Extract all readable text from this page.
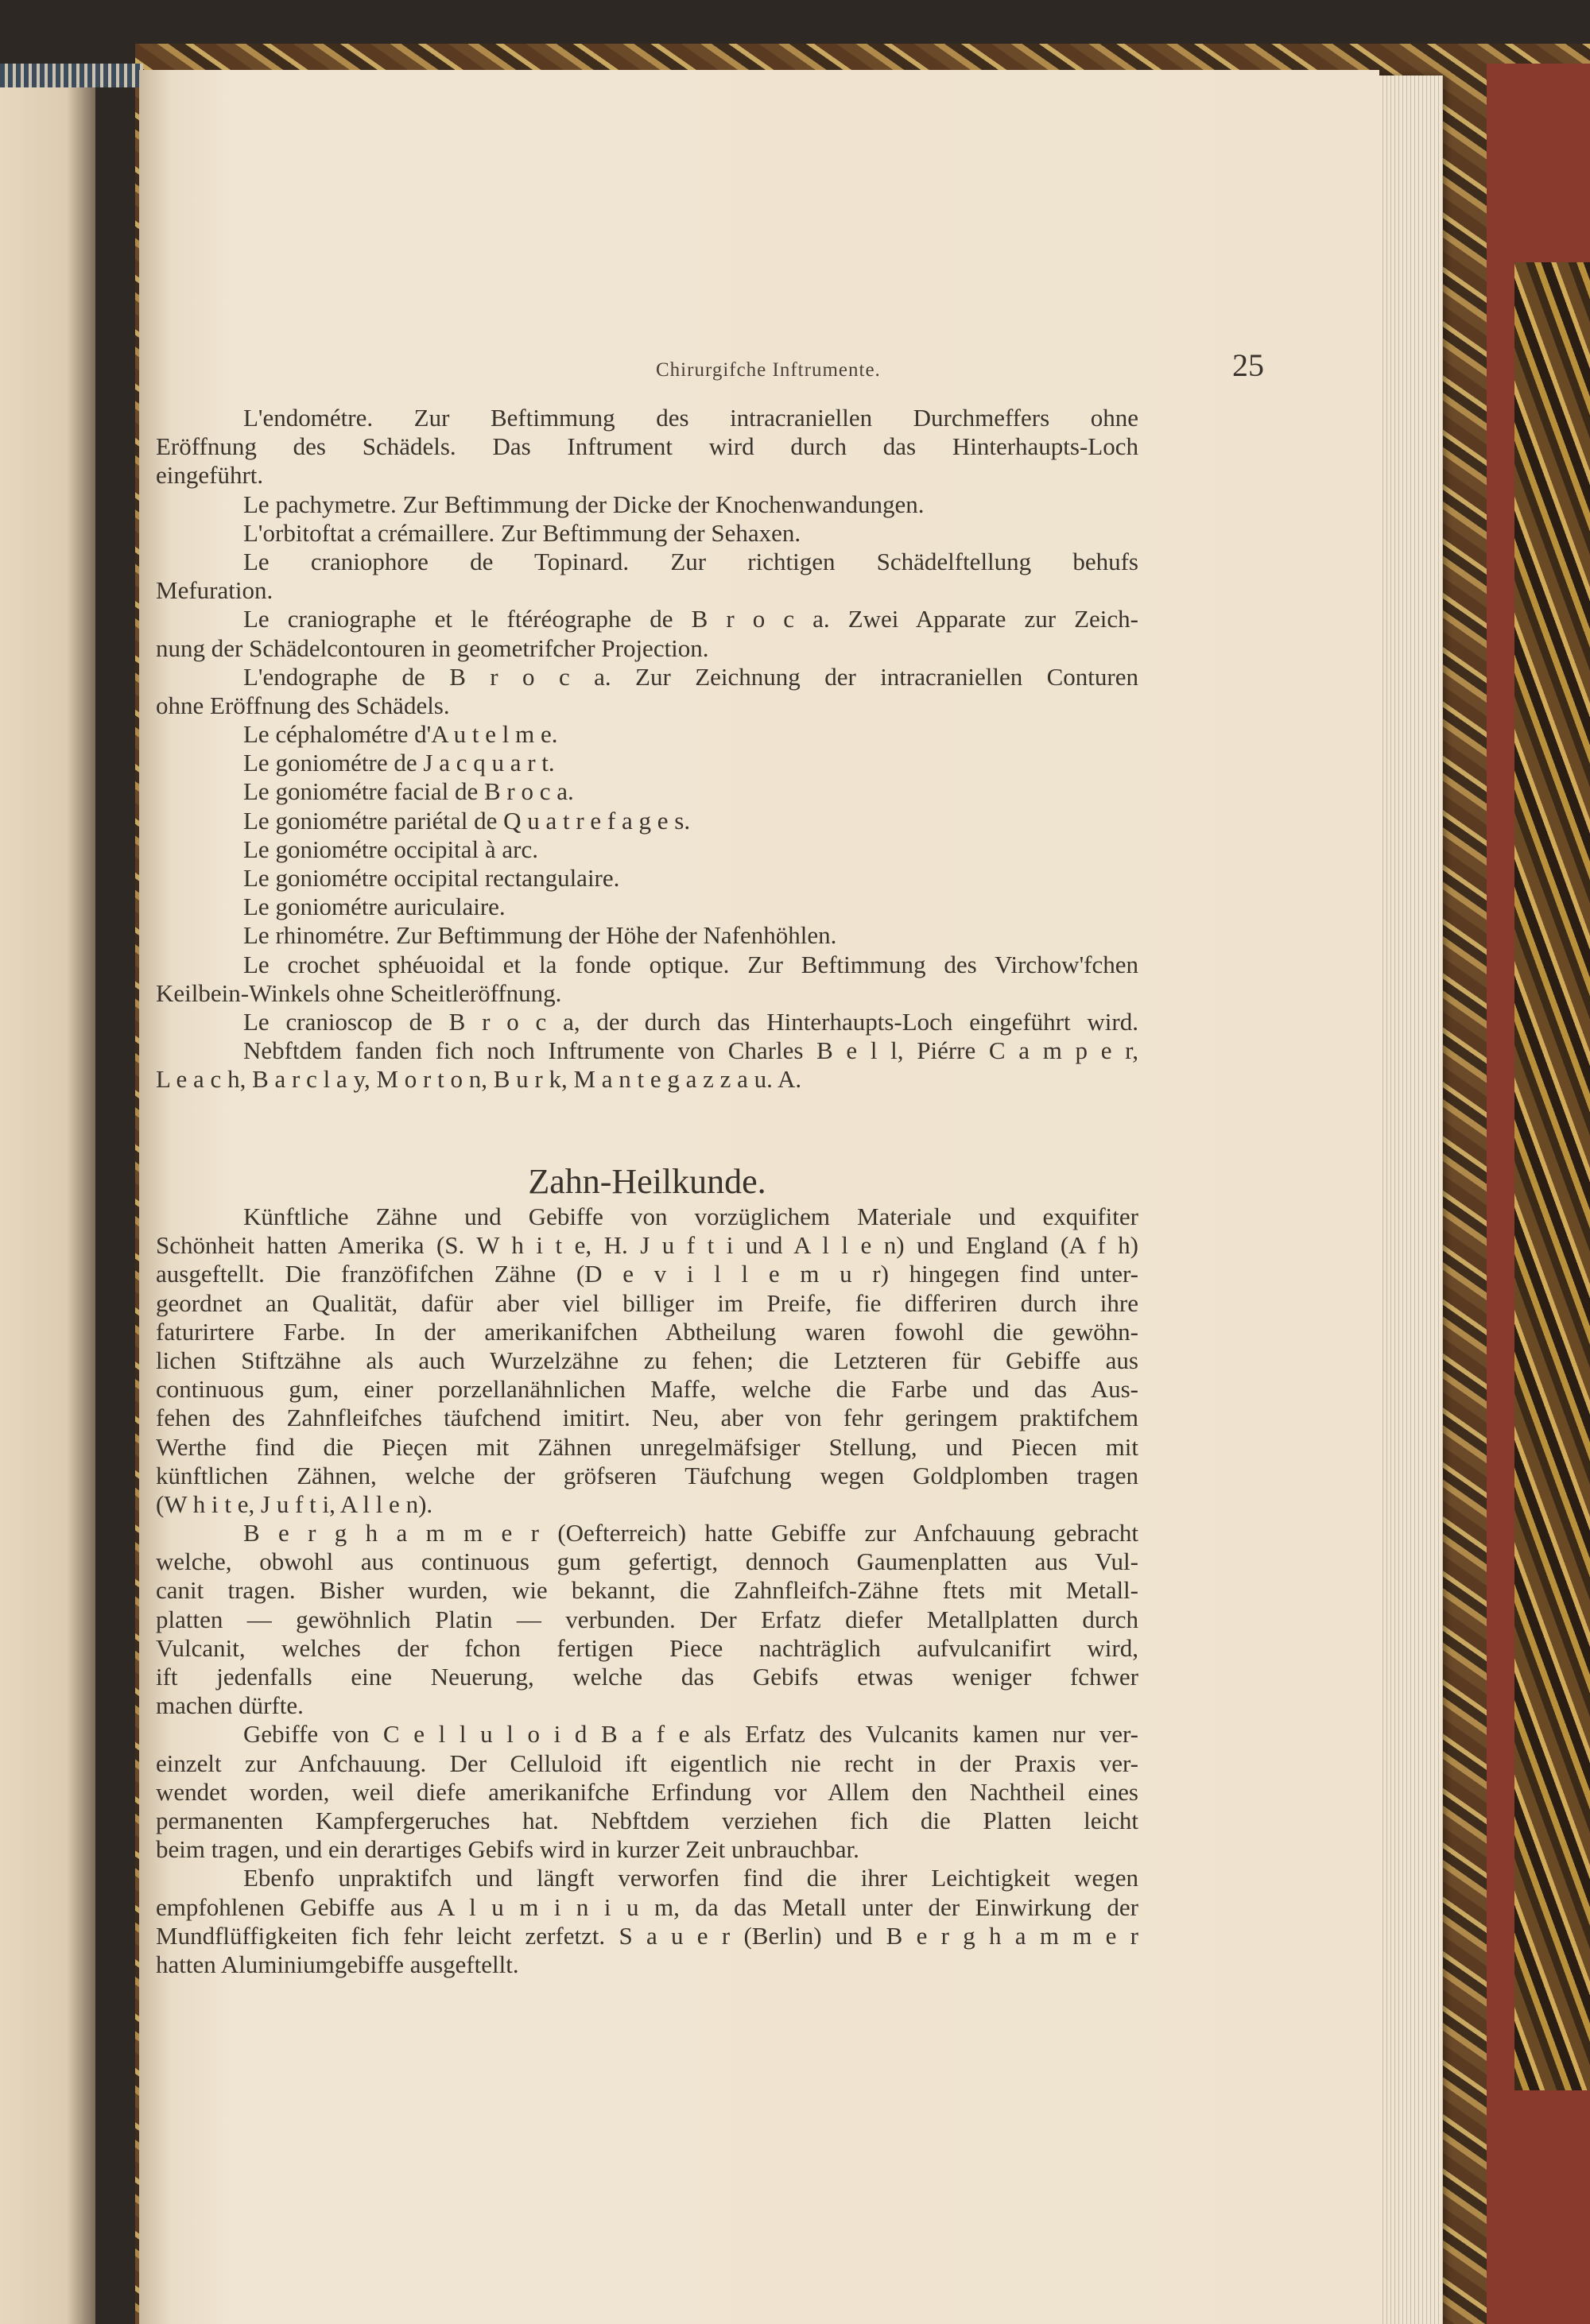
Chirurgifche Inftrumente.	25
L'endométre. Zur Beftimmung des intracraniellen Durchmeffers ohne
Eröffnung des Schädels. Das Inftrument wird durch das Hinterhaupts-Loch
eingeführt.
Le pachymetre. Zur Beftimmung der Dicke der Knochenwandungen.
L'orbitoftat a crémaillere. Zur Beftimmung der Sehaxen.
Le craniophore de Topinard. Zur richtigen Schädelftellung behufs
Mefuration.
Le craniographe et le ftéréographe de B r o c a. Zwei Apparate zur Zeich-
nung der Schädelcontouren in geometrifcher Projection.
L'endographe de B r o c a. Zur Zeichnung der intracraniellen Conturen
ohne Eröffnung des Schädels.
Le céphalométre d'A u t e l m e.
Le goniométre de J a c q u a r t.
Le goniométre facial de B r o c a.
Le goniométre pariétal de Q u a t r e f a g e s.
Le goniométre occipital à arc.
Le goniométre occipital rectangulaire.
Le goniométre auriculaire.
Le rhinométre. Zur Beftimmung der Höhe der Nafenhöhlen.
Le crochet sphéuoidal et la fonde optique. Zur Beftimmung des Virchow'fchen
Keilbein-Winkels ohne Scheitleröffnung.
Le cranioscop de B r o c a, der durch das Hinterhaupts-Loch eingeführt wird.
Nebftdem fanden fich noch Inftrumente von Charles B e l l, Piérre C a m p e r,
L e a c h, B a r c l a y, M o r t o n, B u r k, M a n t e g a z z a u. A.
Zahn-Heilkunde.
Künftliche Zähne und Gebiffe von vorzüglichem Materiale und exquifiter
Schönheit hatten Amerika (S. W h i t e, H. J u f t i und A l l e n) und England (A f h)
ausgeftellt. Die franzöfifchen Zähne (D e v i l l e m u r) hingegen find unter-
geordnet an Qualität, dafür aber viel billiger im Preife, fie differiren durch ihre
faturirtere Farbe. In der amerikanifchen Abtheilung waren fowohl die gewöhn-
lichen Stiftzähne als auch Wurzelzähne zu fehen; die Letzteren für Gebiffe aus
continuous gum, einer porzellanähnlichen Maffe, welche die Farbe und das Aus-
fehen des Zahnfleifches täufchend imitirt. Neu, aber von fehr geringem praktifchem
Werthe find die Pieçen mit Zähnen unregelmäfsiger Stellung, und Piecen mit
künftlichen Zähnen, welche der gröfseren Täufchung wegen Goldplomben tragen
(W h i t e, J u f t i, A l l e n).
B e r g h a m m e r (Oefterreich) hatte Gebiffe zur Anfchauung gebracht
welche, obwohl aus continuous gum gefertigt, dennoch Gaumenplatten aus Vul-
canit tragen. Bisher wurden, wie bekannt, die Zahnfleifch-Zähne ftets mit Metall-
platten — gewöhnlich Platin — verbunden. Der Erfatz diefer Metallplatten durch
Vulcanit, welches der fchon fertigen Piece nachträglich aufvulcanifirt wird,
ift jedenfalls eine Neuerung, welche das Gebifs etwas weniger fchwer
machen dürfte.
Gebiffe von C e l l u l o i d B a f e als Erfatz des Vulcanits kamen nur ver-
einzelt zur Anfchauung. Der Celluloid ift eigentlich nie recht in der Praxis ver-
wendet worden, weil diefe amerikanifche Erfindung vor Allem den Nachtheil eines
permanenten Kampfergeruches hat. Nebftdem verziehen fich die Platten leicht
beim tragen, und ein derartiges Gebifs wird in kurzer Zeit unbrauchbar.
Ebenfo unpraktifch und längft verworfen find die ihrer Leichtigkeit wegen
empfohlenen Gebiffe aus A l u m i n i u m, da das Metall unter der Einwirkung der
Mundflüffigkeiten fich fehr leicht zerfetzt. S a u e r (Berlin) und B e r g h a m m e r
hatten Aluminiumgebiffe ausgeftellt.
